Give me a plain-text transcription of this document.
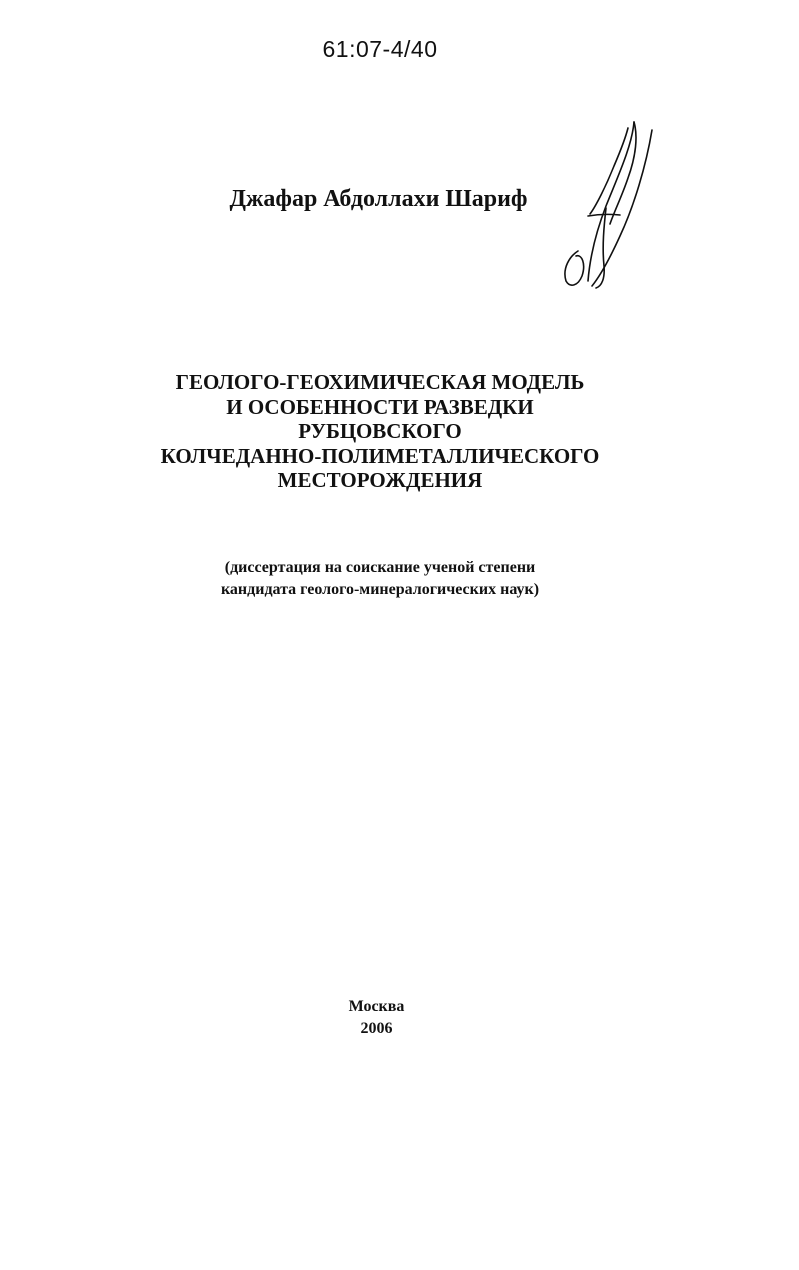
61:07-4/40
Джафар Абдоллахи Шариф
ГЕОЛОГО-ГЕОХИМИЧЕСКАЯ МОДЕЛЬ
И ОСОБЕННОСТИ РАЗВЕДКИ
РУБЦОВСКОГО
КОЛЧЕДАННО-ПОЛИМЕТАЛЛИЧЕСКОГО
МЕСТОРОЖДЕНИЯ
(диссертация на соискание ученой степени
кандидата геолого-минералогических наук)
Москва
2006
